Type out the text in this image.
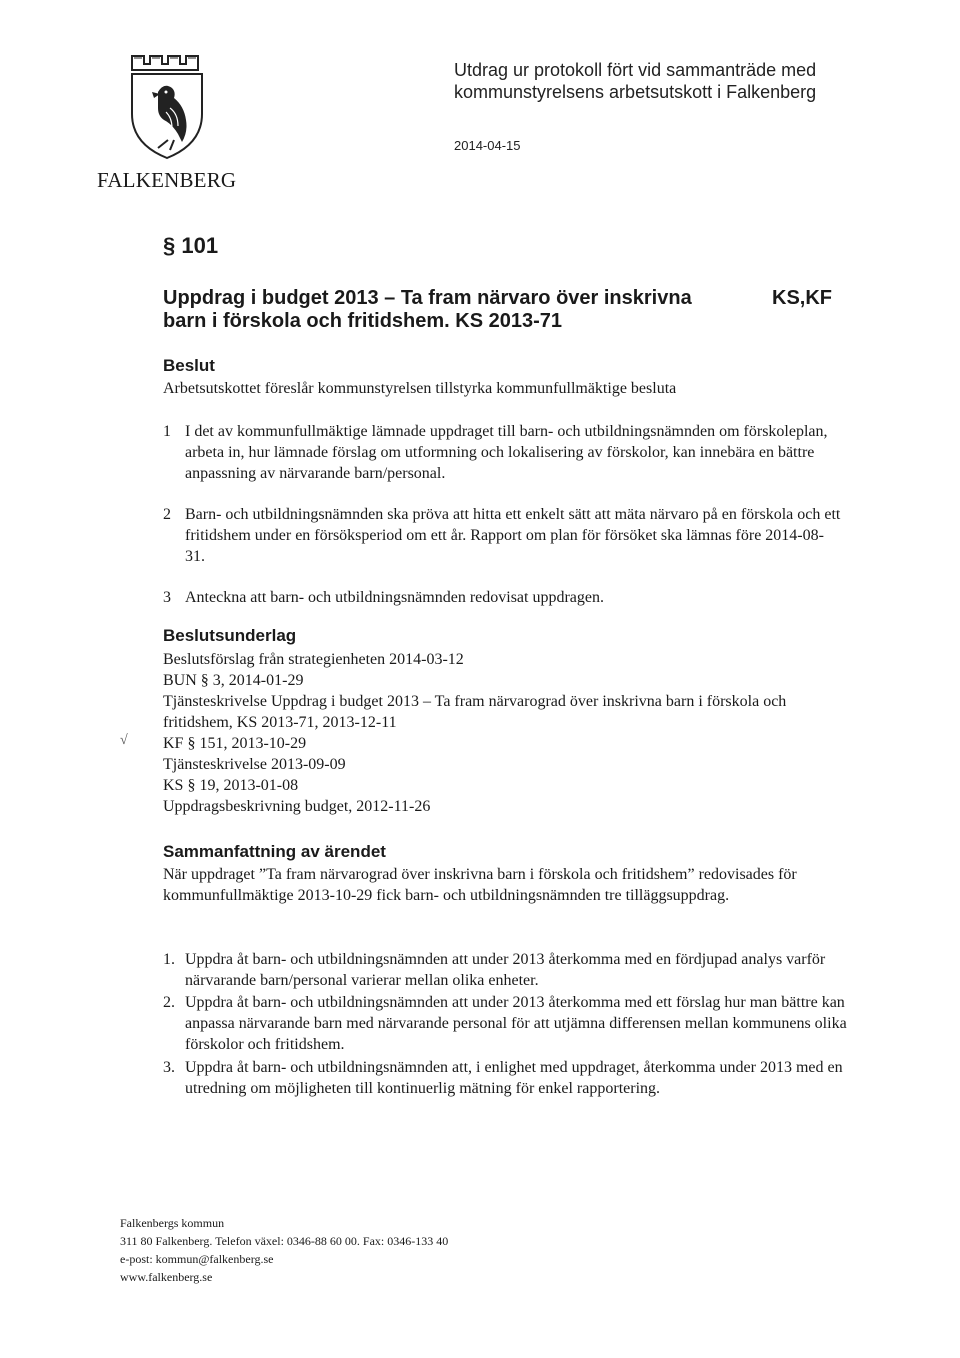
FALKENBERG
Utdrag ur protokoll fört vid sammanträde med
kommunstyrelsens arbetsutskott i Falkenberg
2014-04-15
§ 101
Uppdrag i budget 2013 – Ta fram närvaro över inskrivna
barn i förskola och fritidshem. KS 2013-71
KS,KF
Beslut
Arbetsutskottet föreslår kommunstyrelsen tillstyrka kommunfullmäktige besluta
1 I det av kommunfullmäktige lämnade uppdraget till barn- och utbildningsnämnden om förskoleplan, arbeta in, hur lämnade förslag om utformning och lokalisering av förskolor, kan innebära en bättre anpassning av närvarande barn/personal.
2 Barn- och utbildningsnämnden ska pröva att hitta ett enkelt sätt att mäta närvaro på en förskola och ett fritidshem under en försöksperiod om ett år. Rapport om plan för försöket ska lämnas före 2014-08-31.
3 Anteckna att barn- och utbildningsnämnden redovisat uppdragen.
Beslutsunderlag
Beslutsförslag från strategienheten 2014-03-12
BUN § 3, 2014-01-29
Tjänsteskrivelse Uppdrag i budget 2013 – Ta fram närvarograd över inskrivna barn i förskola och fritidshem, KS 2013-71, 2013-12-11
KF § 151, 2013-10-29
Tjänsteskrivelse 2013-09-09
KS § 19, 2013-01-08
Uppdragsbeskrivning budget, 2012-11-26
√
Sammanfattning av ärendet
När uppdraget ”Ta fram närvarograd över inskrivna barn i förskola och fritidshem” redovisades för kommunfullmäktige 2013-10-29 fick barn- och utbildningsnämnden tre tilläggsuppdrag.
1. Uppdra åt barn- och utbildningsnämnden att under 2013 återkomma med en fördjupad analys varför närvarande barn/personal varierar mellan olika enheter.
2. Uppdra åt barn- och utbildningsnämnden att under 2013 återkomma med ett förslag hur man bättre kan anpassa närvarande barn med närvarande personal för att utjämna differensen mellan kommunens olika förskolor och fritidshem.
3. Uppdra åt barn- och utbildningsnämnden att, i enlighet med uppdraget, återkomma under 2013 med en utredning om möjligheten till kontinuerlig mätning för enkel rapportering.
Falkenbergs kommun
311 80 Falkenberg. Telefon växel: 0346-88 60 00. Fax: 0346-133 40
e-post: kommun@falkenberg.se
www.falkenberg.se
